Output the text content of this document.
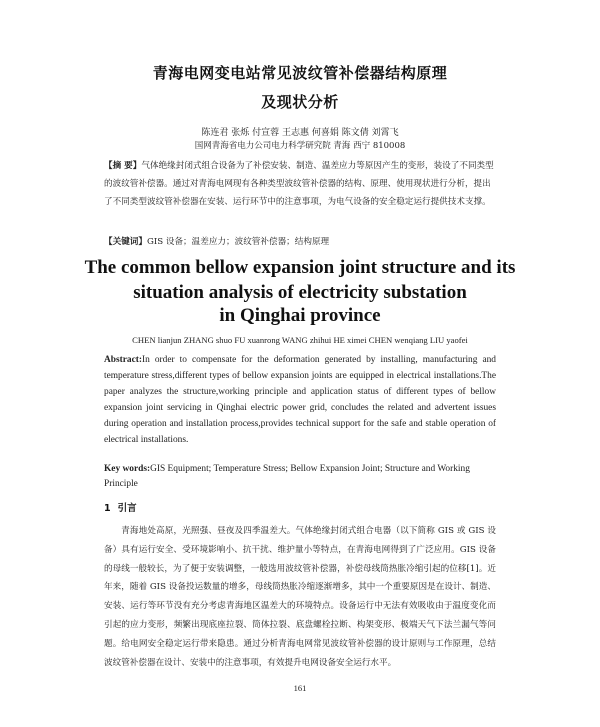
青海电网变电站常见波纹管补偿器结构原理
及现状分析
陈连君 张烁 付宣蓉 王志惠 何喜娟 陈文倩 刘霄飞
国网青海省电力公司电力科学研究院 青海 西宁 810008
【摘 要】气体绝缘封闭式组合设备为了补偿安装、制造、温差应力等原因产生的变形，装设了不同类型的波纹管补偿器。通过对青海电网现有各种类型波纹管补偿器的结构、原理、使用现状进行分析，提出了不同类型波纹管补偿器在安装、运行环节中的注意事项，为电气设备的安全稳定运行提供技术支撑。
【关键词】GIS 设备；温差应力；波纹管补偿器；结构原理
The common bellow expansion joint structure and its
situation analysis of electricity substation
in Qinghai province
CHEN lianjun ZHANG shuo FU xuanrong WANG zhihui HE ximei CHEN wenqiang LIU yaofei
Abstract:In order to compensate for the deformation generated by installing, manufacturing and temperature stress,different types of bellow expansion joints are equipped in electrical installations.The paper analyzes the structure,working principle and application status of different types of bellow expansion joint servicing in Qinghai electric power grid, concludes the related and advertent issues during operation and installation process,provides technical support for the safe and stable operation of electrical installations.
Key words:GIS Equipment; Temperature Stress; Bellow Expansion Joint; Structure and Working Principle
1 引言
青海地处高原，光照强、昼夜及四季温差大。气体绝缘封闭式组合电器（以下简称 GIS 或 GIS 设备）具有运行安全、受环境影响小、抗干扰、维护量小等特点，在青海电网得到了广泛应用。GIS 设备的母线一般较长，为了便于安装调整，一般选用波纹管补偿器，补偿母线筒热胀冷缩引起的位移[1]。近年来，随着 GIS 设备投运数量的增多，母线筒热胀冷缩逐渐增多，其中一个重要原因是在设计、制造、安装、运行等环节没有充分考虑青海地区温差大的环境特点。设备运行中无法有效吸收由于温度变化而引起的应力变形，频繁出现底座拉裂、筒体拉裂、底盘螺栓拉断、构架变形、极端天气下法兰漏气等问题。给电网安全稳定运行带来隐患。通过分析青海电网常见波纹管补偿器的设计原则与工作原理，总结波纹管补偿器在设计、安装中的注意事项，有效提升电网设备安全运行水平。
161
